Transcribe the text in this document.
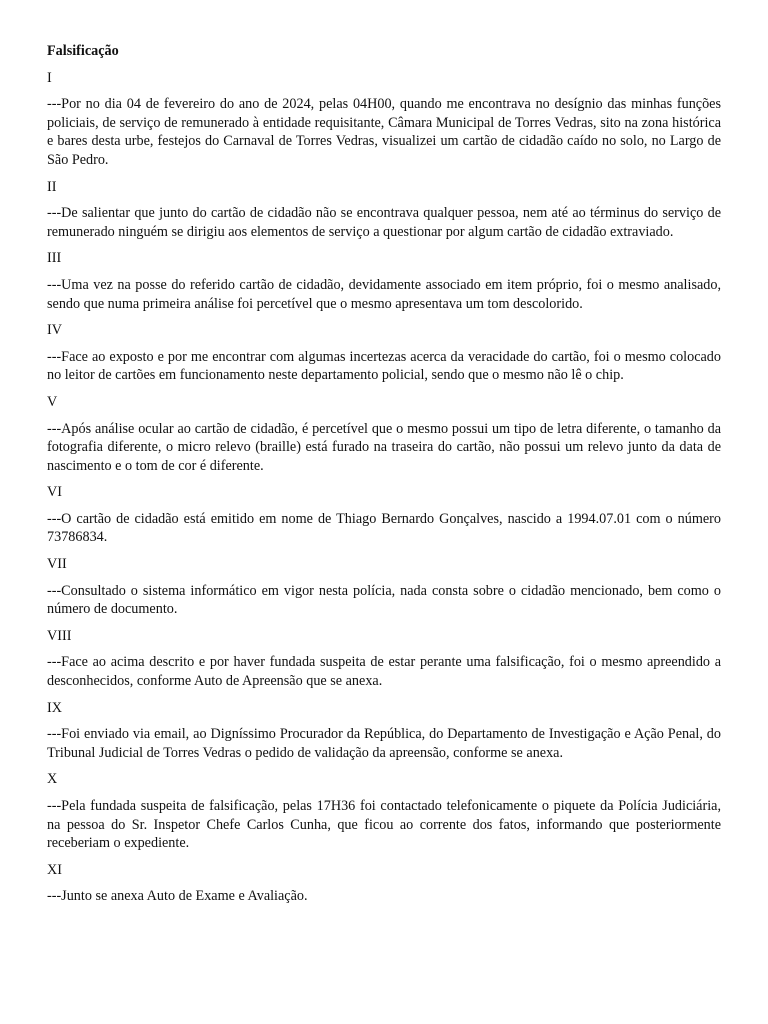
Falsificação
I
---Por no dia 04 de fevereiro do ano de 2024, pelas 04H00, quando me encontrava no desígnio das minhas funções policiais, de serviço de remunerado à entidade requisitante, Câmara Municipal de Torres Vedras, sito na zona histórica e bares desta urbe, festejos do Carnaval de Torres Vedras, visualizei um cartão de cidadão caído no solo, no Largo de São Pedro.
II
---De salientar que junto do cartão de cidadão não se encontrava qualquer pessoa, nem até ao términus do serviço de remunerado ninguém se dirigiu aos elementos de serviço a questionar por algum cartão de cidadão extraviado.
III
---Uma vez na posse do referido cartão de cidadão, devidamente associado em item próprio, foi o mesmo analisado, sendo que numa primeira análise foi percetível que o mesmo apresentava um tom descolorido.
IV
---Face ao exposto e por me encontrar com algumas incertezas acerca da veracidade do cartão, foi o mesmo colocado no leitor de cartões em funcionamento neste departamento policial, sendo que o mesmo não lê o chip.
V
---Após análise ocular ao cartão de cidadão, é percetível que o mesmo possui um tipo de letra diferente, o tamanho da fotografia diferente, o micro relevo (braille) está furado na traseira do cartão, não possui um relevo junto da data de nascimento e o tom de cor é diferente.
VI
---O cartão de cidadão está emitido em nome de Thiago Bernardo Gonçalves, nascido a 1994.07.01 com o número 73786834.
VII
---Consultado o sistema informático em vigor nesta polícia, nada consta sobre o cidadão mencionado, bem como o número de documento.
VIII
---Face ao acima descrito e por haver fundada suspeita de estar perante uma falsificação, foi o mesmo apreendido a desconhecidos, conforme Auto de Apreensão que se anexa.
IX
---Foi enviado via email, ao Digníssimo Procurador da República, do Departamento de Investigação e Ação Penal, do Tribunal Judicial de Torres Vedras o pedido de validação da apreensão, conforme se anexa.
X
---Pela fundada suspeita de falsificação, pelas 17H36 foi contactado telefonicamente o piquete da Polícia Judiciária, na pessoa do Sr. Inspetor Chefe Carlos Cunha, que ficou ao corrente dos fatos, informando que posteriormente receberiam o expediente.
XI
---Junto se anexa Auto de Exame e Avaliação.
